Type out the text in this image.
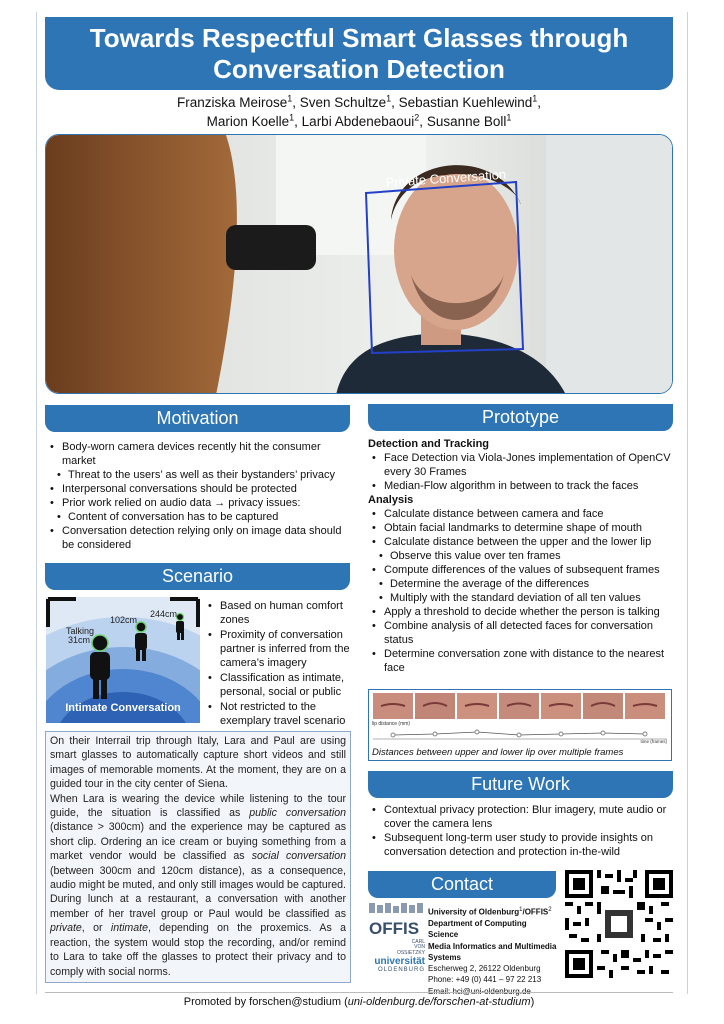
Towards Respectful Smart Glasses through
Conversation Detection
Franziska Meirose$^1$, Sven Schultze$^1$, Sebastian Kuehlewind$^1$,
Marion Koelle$^1$, Larbi Abdenebaoui$^2$, Susanne Boll$^1$
Private Conversation
Motivation
• Body-worn camera devices recently hit the consumer market
• Threat to the users’ as well as their bystanders’ privacy
• Interpersonal conversations should be protected
• Prior work relied on audio data → privacy issues:
• Content of conversation has to be captured
• Conversation detection relying only on image data should be considered
Scenario
Talking
31cm
102cm
244cm
Intimate Conversation
• Based on human comfort zones
• Proximity of conversation partner is inferred from the camera’s imagery
• Classification as intimate, personal, social or public
• Not restricted to the exemplary travel scenario

On their Interrail trip through Italy, Lara and Paul are using smart glasses to automatically capture short videos and still images of memorable moments. At the moment, they are on a guided tour in the city center of Siena.

When Lara is wearing the device while listening to the tour guide, the situation is classified as public conversation (distance > 300cm) and the experience may be captured as short clip. Ordering an ice cream or buying something from a market vendor would be classified as social conversation (between 300cm and 120cm distance), as a consequence, audio might be muted, and only still images would be captured. During lunch at a restaurant, a conversation with another member of her travel group or Paul would be classified as private, or intimate, depending on the proxemics. As a reaction, the system would stop the recording, and/or remind to Lara to take off the glasses to protect their privacy and to comply with social norms.

Prototype
Detection and Tracking
• Face Detection via Viola-Jones implementation of OpenCV every 30 Frames
• Median-Flow algorithm in between to track the faces
Analysis
• Calculate distance between camera and face
• Obtain facial landmarks to determine shape of mouth
• Calculate distance between the upper and the lower lip
• Observe this value over ten frames
• Compute differences of the values of subsequent frames
• Determine the average of the differences
• Multiply with the standard deviation of all ten values
• Apply a threshold to decide whether the person is talking
• Combine analysis of all detected faces for conversation status
• Determine conversation zone with distance to the nearest face
lip distance (mm)
time (frames)
Distances between upper and lower lip over multiple frames
Future Work
• Contextual privacy protection: Blur imagery, mute audio or cover the camera lens
• Subsequent long-term user study to provide insights on conversation detection and protection in-the-wild
Contact
OFFIS
CARL
VON
OSSIETZKY
universität
OLDENBURG
University of Oldenburg$^1$/OFFIS$^2$
Department of Computing Science
Media Informatics and Multimedia Systems
Escherweg 2, 26122 Oldenburg
Phone: +49 (0) 441 – 97 22 213
Email: hci@uni-oldenburg.de
Promoted by forschen@studium (uni-oldenburg.de/forschen-at-studium)
